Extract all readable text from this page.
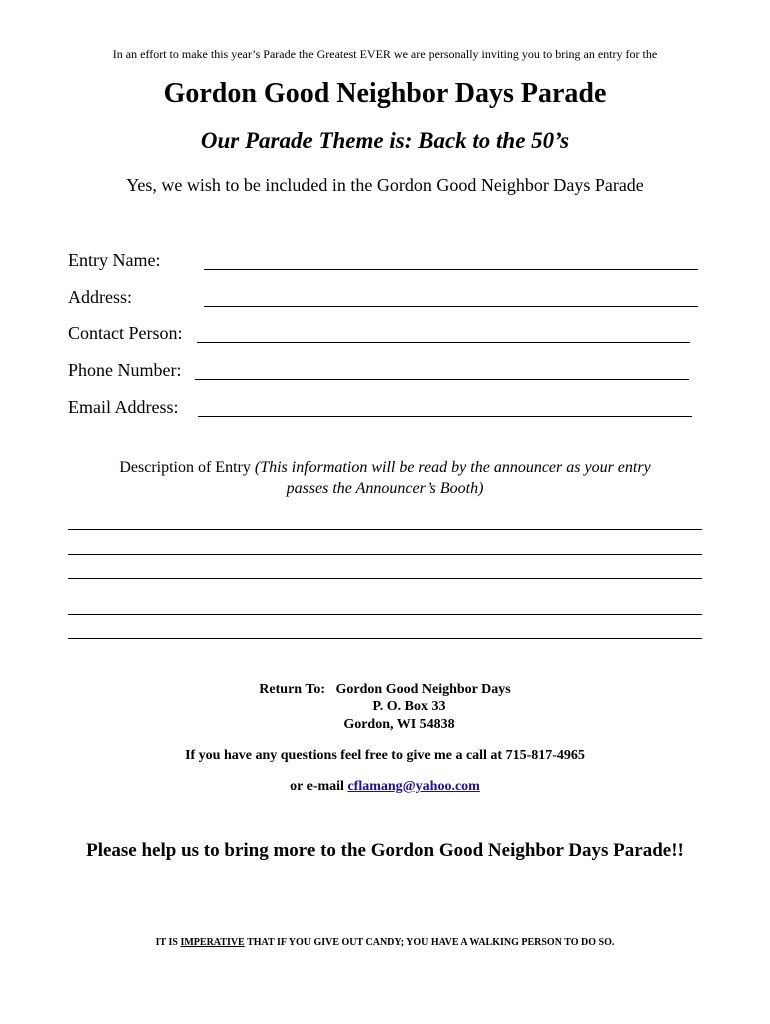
In an effort to make this year’s Parade the Greatest EVER we are personally inviting you to bring an entry for the
Gordon Good Neighbor Days Parade
Our Parade Theme is: Back to the 50’s
Yes, we wish to be included in the Gordon Good Neighbor Days Parade
Entry Name:
Address:
Contact Person:
Phone Number:
Email Address:
Description of Entry (This information will be read by the announcer as your entry
passes the Announcer’s Booth)
Return To: Gordon Good Neighbor Days
P. O. Box 33
Gordon, WI 54838
If you have any questions feel free to give me a call at 715-817-4965
or e-mail cflamang@yahoo.com
Please help us to bring more to the Gordon Good Neighbor Days Parade!!
IT IS IMPERATIVE THAT IF YOU GIVE OUT CANDY; YOU HAVE A WALKING PERSON TO DO SO.
